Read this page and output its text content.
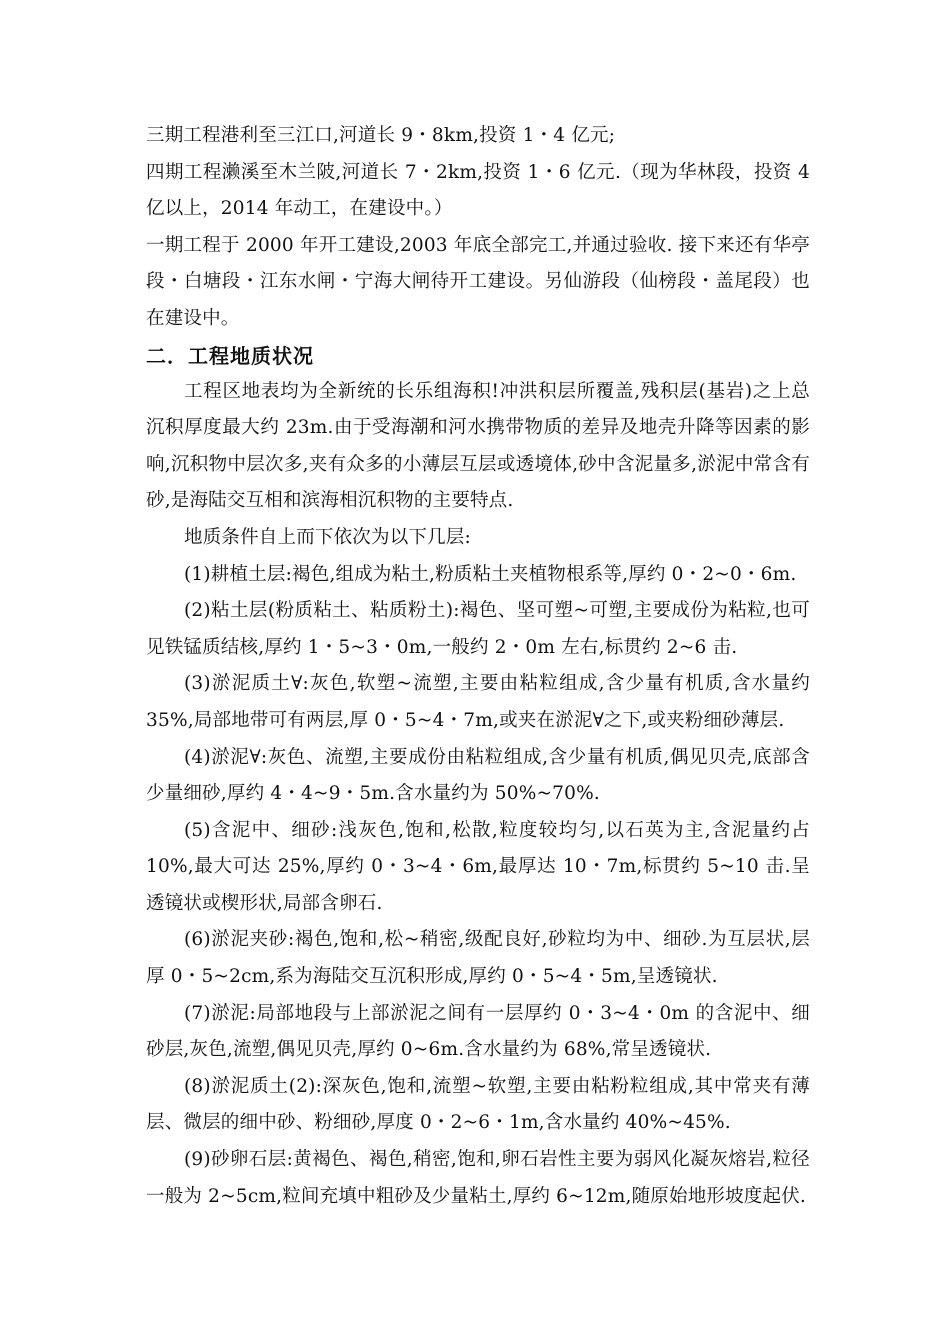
三期工程港利至三江口,河道长 9・8km,投资 1・4 亿元;

四期工程濑溪至木兰陂,河道长 7・2km,投资 1・6 亿元.（现为华林段，投资 4 亿以上，2014 年动工，在建设中。）

一期工程于 2000 年开工建设,2003 年底全部完工,并通过验收. 接下来还有华亭段・白塘段・江东水闸・宁海大闸待开工建设。另仙游段（仙榜段・盖尾段）也在建设中。

二．工程地质状况

工程区地表均为全新统的长乐组海积!冲洪积层所覆盖,残积层(基岩)之上总沉积厚度最大约 23m.由于受海潮和河水携带物质的差异及地壳升降等因素的影响,沉积物中层次多,夹有众多的小薄层互层或透境体,砂中含泥量多,淤泥中常含有砂,是海陆交互相和滨海相沉积物的主要特点.

地质条件自上而下依次为以下几层:

(1)耕植土层:褐色,组成为粘土,粉质粘土夹植物根系等,厚约 0・2~0・6m.

(2)粘土层(粉质粘土、粘质粉土):褐色、坚可塑~可塑,主要成份为粘粒,也可见铁锰质结核,厚约 1・5~3・0m,一般约 2・0m 左右,标贯约 2~6 击.

(3)淤泥质土∀:灰色,软塑~流塑,主要由粘粒组成,含少量有机质,含水量约 35%,局部地带可有两层,厚 0・5~4・7m,或夹在淤泥∀之下,或夹粉细砂薄层.

(4)淤泥∀:灰色、流塑,主要成份由粘粒组成,含少量有机质,偶见贝壳,底部含少量细砂,厚约 4・4~9・5m.含水量约为 50%~70%.

(5)含泥中、细砂:浅灰色,饱和,松散,粒度较均匀,以石英为主,含泥量约占 10%,最大可达 25%,厚约 0・3~4・6m,最厚达 10・7m,标贯约 5~10 击.呈透镜状或楔形状,局部含卵石.

(6)淤泥夹砂:褐色,饱和,松~稍密,级配良好,砂粒均为中、细砂.为互层状,层厚 0・5~2cm,系为海陆交互沉积形成,厚约 0・5~4・5m,呈透镜状.

(7)淤泥:局部地段与上部淤泥之间有一层厚约 0・3~4・0m 的含泥中、细砂层,灰色,流塑,偶见贝壳,厚约 0~6m.含水量约为 68%,常呈透镜状.

(8)淤泥质土(2):深灰色,饱和,流塑~软塑,主要由粘粉粒组成,其中常夹有薄层、微层的细中砂、粉细砂,厚度 0・2~6・1m,含水量约 40%~45%.

(9)砂卵石层:黄褐色、褐色,稍密,饱和,卵石岩性主要为弱风化凝灰熔岩,粒径一般为 2~5cm,粒间充填中粗砂及少量粘土,厚约 6~12m,随原始地形坡度起伏.
